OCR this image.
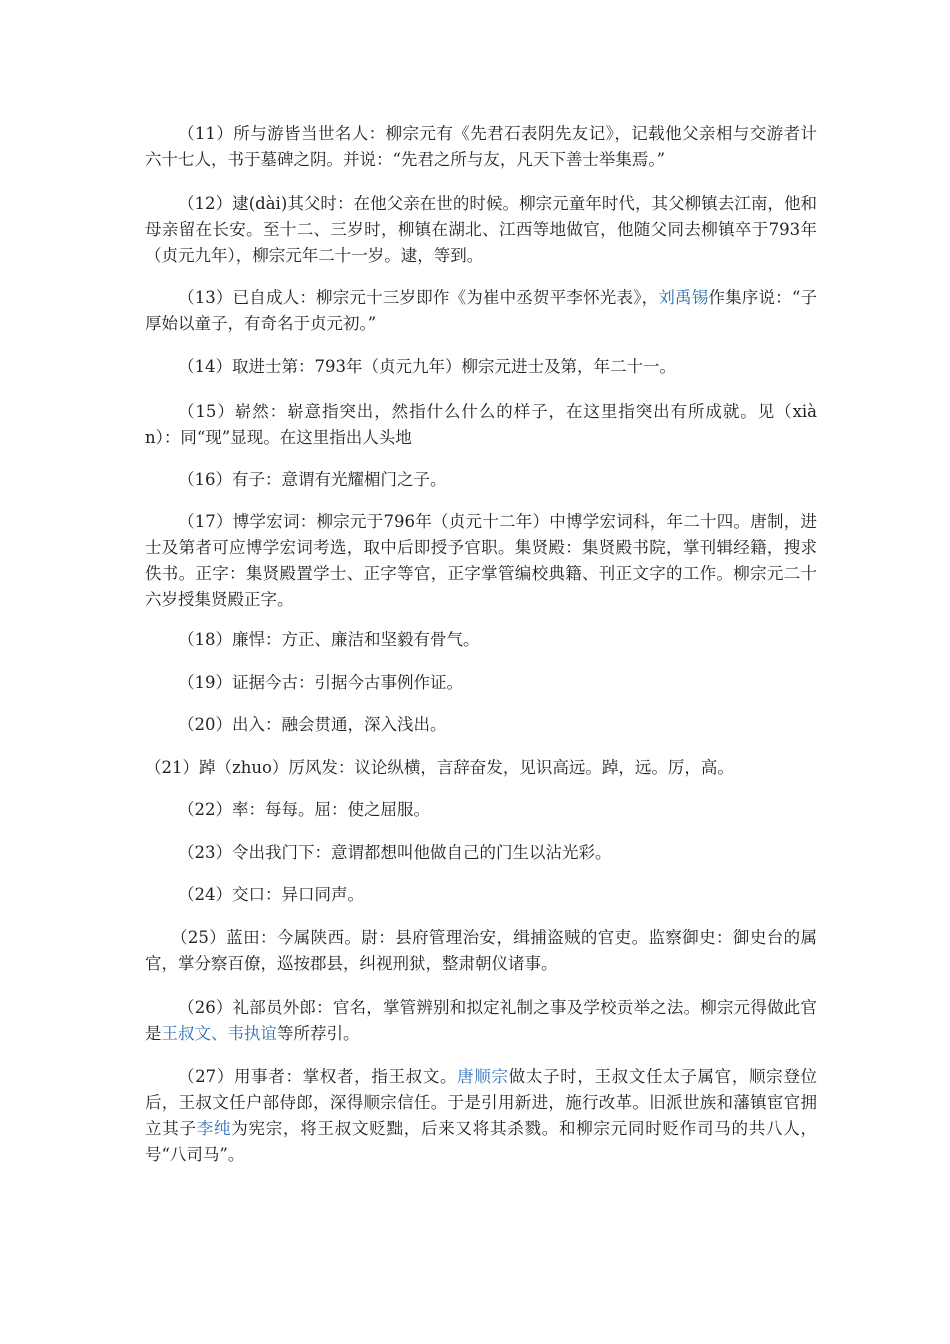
（11）所与游皆当世名人：柳宗元有《先君石表阴先友记》，记载他父亲相与交游者计六十七人，书于墓碑之阴。并说：“先君之所与友，凡天下善士举集焉。”

（12）逮(dài)其父时：在他父亲在世的时候。柳宗元童年时代，其父柳镇去江南，他和母亲留在长安。至十二、三岁时，柳镇在湖北、江西等地做官，他随父同去柳镇卒于793年（贞元九年），柳宗元年二十一岁。逮，等到。

（13）已自成人：柳宗元十三岁即作《为崔中丞贺平李怀光表》，刘禹锡作集序说：“子厚始以童子，有奇名于贞元初。”

（14）取进士第：793年（贞元九年）柳宗元进士及第，年二十一。

（15）崭然：崭意指突出，然指什么什么的样子，在这里指突出有所成就。见（xiàn）：同“现”显现。在这里指出人头地

（16）有子：意谓有光耀楣门之子。

（17）博学宏词：柳宗元于796年（贞元十二年）中博学宏词科，年二十四。唐制，进士及第者可应博学宏词考选，取中后即授予官职。集贤殿：集贤殿书院，掌刊辑经籍，搜求佚书。正字：集贤殿置学士、正字等官，正字掌管编校典籍、刊正文字的工作。柳宗元二十六岁授集贤殿正字。

（18）廉悍：方正、廉洁和坚毅有骨气。

（19）证据今古：引据今古事例作证。

（20）出入：融会贯通，深入浅出。

（21）踔（zhuo）厉风发：议论纵横，言辞奋发，见识高远。踔，远。厉，高。

（22）率：每每。屈：使之屈服。

（23）令出我门下：意谓都想叫他做自己的门生以沾光彩。

（24）交口：异口同声。

（25）蓝田：今属陕西。尉：县府管理治安，缉捕盗贼的官吏。监察御史：御史台的属官，掌分察百僚，巡按郡县，纠视刑狱，整肃朝仪诸事。

（26）礼部员外郎：官名，掌管辨别和拟定礼制之事及学校贡举之法。柳宗元得做此官是王叔文、韦执谊等所荐引。

（27）用事者：掌权者，指王叔文。唐顺宗做太子时，王叔文任太子属官，顺宗登位后，王叔文任户部侍郎，深得顺宗信任。于是引用新进，施行改革。旧派世族和藩镇宦官拥立其子李纯为宪宗，将王叔文贬黜，后来又将其杀戮。和柳宗元同时贬作司马的共八人，号“八司马”。
